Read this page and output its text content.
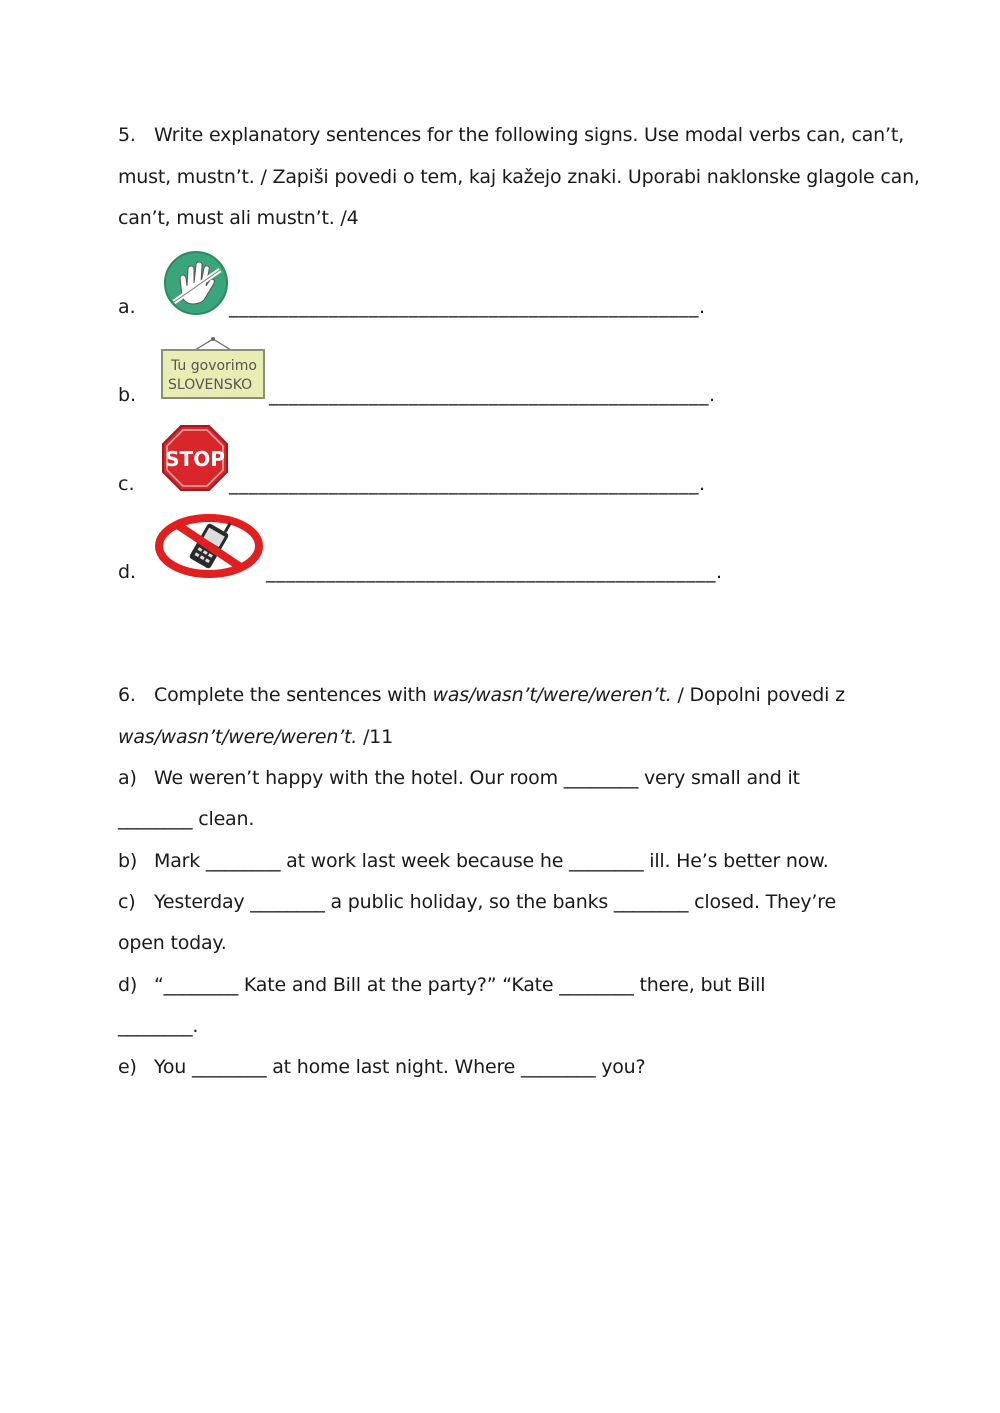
5. Write explanatory sentences for the following signs. Use modal verbs can, can’t,
must, mustn’t. / Zapiši povedi o tem, kaj kažejo znaki. Uporabi naklonske glagole can,
can’t, must ali mustn’t. /4
a.	_______________________________________________.
b.
Tu govorimo
SLOVENSKO ____________________________________________.
c.
STOP
_______________________________________________.
d.	_____________________________________________.
6. Complete the sentences with was/wasn’t/were/weren’t. / Dopolni povedi z
was/wasn’t/were/weren’t. /11
a) We weren’t happy with the hotel. Our room ________ very small and it
________ clean.
b) Mark ________ at work last week because he ________ ill. He’s better now.
c) Yesterday ________ a public holiday, so the banks ________ closed. They’re
open today.
d) “________ Kate and Bill at the party?” “Kate ________ there, but Bill
________.
e) You ________ at home last night. Where ________ you?
